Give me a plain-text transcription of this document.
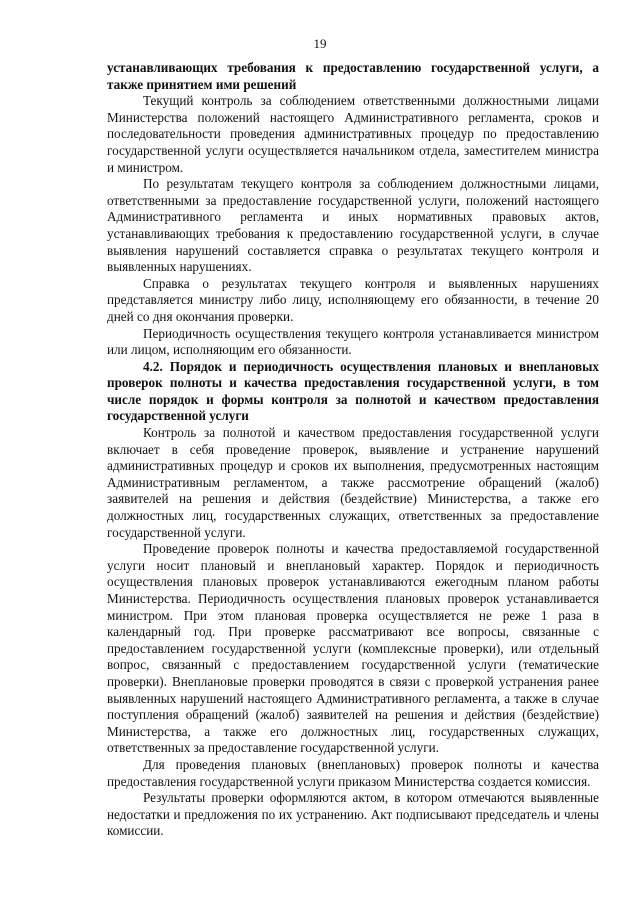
19

устанавливающих требования к предоставлению государственной услуги, а также принятием ими решений

Текущий контроль за соблюдением ответственными должностными лицами Министерства положений настоящего Административного регламента, сроков и последовательности проведения административных процедур по предоставлению государственной услуги осуществляется начальником отдела, заместителем министра и министром.

По результатам текущего контроля за соблюдением должностными лицами, ответственными за предоставление государственной услуги, положений настоящего Административного регламента и иных нормативных правовых актов, устанавливающих требования к предоставлению государственной услуги, в случае выявления нарушений составляется справка о результатах текущего контроля и выявленных нарушениях.

Справка о результатах текущего контроля и выявленных нарушениях представляется министру либо лицу, исполняющему его обязанности, в течение 20 дней со дня окончания проверки.

Периодичность осуществления текущего контроля устанавливается министром или лицом, исполняющим его обязанности.

4.2. Порядок и периодичность осуществления плановых и внеплановых проверок полноты и качества предоставления государственной услуги, в том числе порядок и формы контроля за полнотой и качеством предоставления государственной услуги

Контроль за полнотой и качеством предоставления государственной услуги включает в себя проведение проверок, выявление и устранение нарушений административных процедур и сроков их выполнения, предусмотренных настоящим Административным регламентом, а также рассмотрение обращений (жалоб) заявителей на решения и действия (бездействие) Министерства, а также его должностных лиц, государственных служащих, ответственных за предоставление государственной услуги.

Проведение проверок полноты и качества предоставляемой государственной услуги носит плановый и внеплановый характер. Порядок и периодичность осуществления плановых проверок устанавливаются ежегодным планом работы Министерства. Периодичность осуществления плановых проверок устанавливается министром. При этом плановая проверка осуществляется не реже 1 раза в календарный год. При проверке рассматривают все вопросы, связанные с предоставлением государственной услуги (комплексные проверки), или отдельный вопрос, связанный с предоставлением государственной услуги (тематические проверки). Внеплановые проверки проводятся в связи с проверкой устранения ранее выявленных нарушений настоящего Административного регламента, а также в случае поступления обращений (жалоб) заявителей на решения и действия (бездействие) Министерства, а также его должностных лиц, государственных служащих, ответственных за предоставление государственной услуги.

Для проведения плановых (внеплановых) проверок полноты и качества предоставления государственной услуги приказом Министерства создается комиссия.

Результаты проверки оформляются актом, в котором отмечаются выявленные недостатки и предложения по их устранению. Акт подписывают председатель и члены комиссии.
